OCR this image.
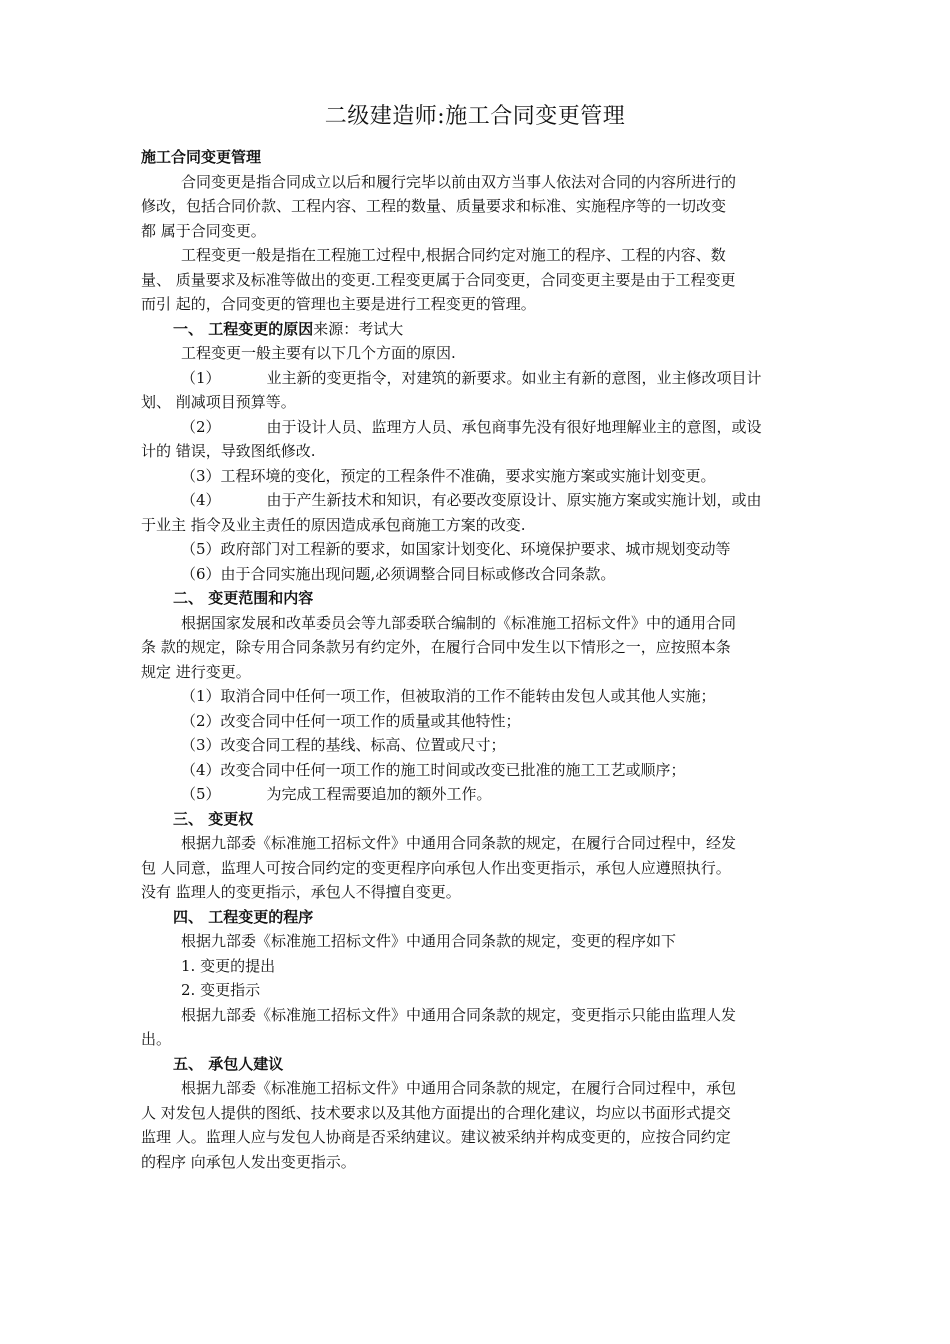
二级建造师:施工合同变更管理
施工合同变更管理
合同变更是指合同成立以后和履行完毕以前由双方当事人依法对合同的内容所进行的
修改，包括合同价款、工程内容、工程的数量、质量要求和标准、实施程序等的一切改变
都 属于合同变更。
工程变更一般是指在工程施工过程中,根据合同约定对施工的程序、工程的内容、数
量、 质量要求及标准等做出的变更.工程变更属于合同变更，合同变更主要是由于工程变更
而引 起的，合同变更的管理也主要是进行工程变更的管理。
一、 工程变更的原因来源：考试大
工程变更一般主要有以下几个方面的原因.
（1）	业主新的变更指令，对建筑的新要求。如业主有新的意图，业主修改项目计
划、 削减项目预算等。
（2）	由于设计人员、监理方人员、承包商事先没有很好地理解业主的意图，或设
计的 错误，导致图纸修改.
（3）工程环境的变化，预定的工程条件不准确，要求实施方案或实施计划变更。
（4）	由于产生新技术和知识，有必要改变原设计、原实施方案或实施计划，或由
于业主 指令及业主责任的原因造成承包商施工方案的改变.
（5）政府部门对工程新的要求，如国家计划变化、环境保护要求、城市规划变动等
（6）由于合同实施出现问题,必须调整合同目标或修改合同条款。
二、 变更范围和内容
根据国家发展和改革委员会等九部委联合编制的《标准施工招标文件》中的通用合同
条 款的规定，除专用合同条款另有约定外，在履行合同中发生以下情形之一，应按照本条
规定 进行变更。
（1）取消合同中任何一项工作，但被取消的工作不能转由发包人或其他人实施；
（2）改变合同中任何一项工作的质量或其他特性；
（3）改变合同工程的基线、标高、位置或尺寸；
（4）改变合同中任何一项工作的施工时间或改变已批准的施工工艺或顺序；
（5）	为完成工程需要追加的额外工作。
三、 变更权
根据九部委《标准施工招标文件》中通用合同条款的规定，在履行合同过程中，经发
包 人同意，监理人可按合同约定的变更程序向承包人作出变更指示，承包人应遵照执行。
没有 监理人的变更指示，承包人不得擅自变更。
四、 工程变更的程序
根据九部委《标准施工招标文件》中通用合同条款的规定，变更的程序如下
1. 变更的提出
2. 变更指示
根据九部委《标准施工招标文件》中通用合同条款的规定，变更指示只能由监理人发
出。
五、 承包人建议
根据九部委《标准施工招标文件》中通用合同条款的规定，在履行合同过程中，承包
人 对发包人提供的图纸、技术要求以及其他方面提出的合理化建议，均应以书面形式提交
监理 人。监理人应与发包人协商是否采纳建议。建议被采纳并构成变更的，应按合同约定
的程序 向承包人发出变更指示。
